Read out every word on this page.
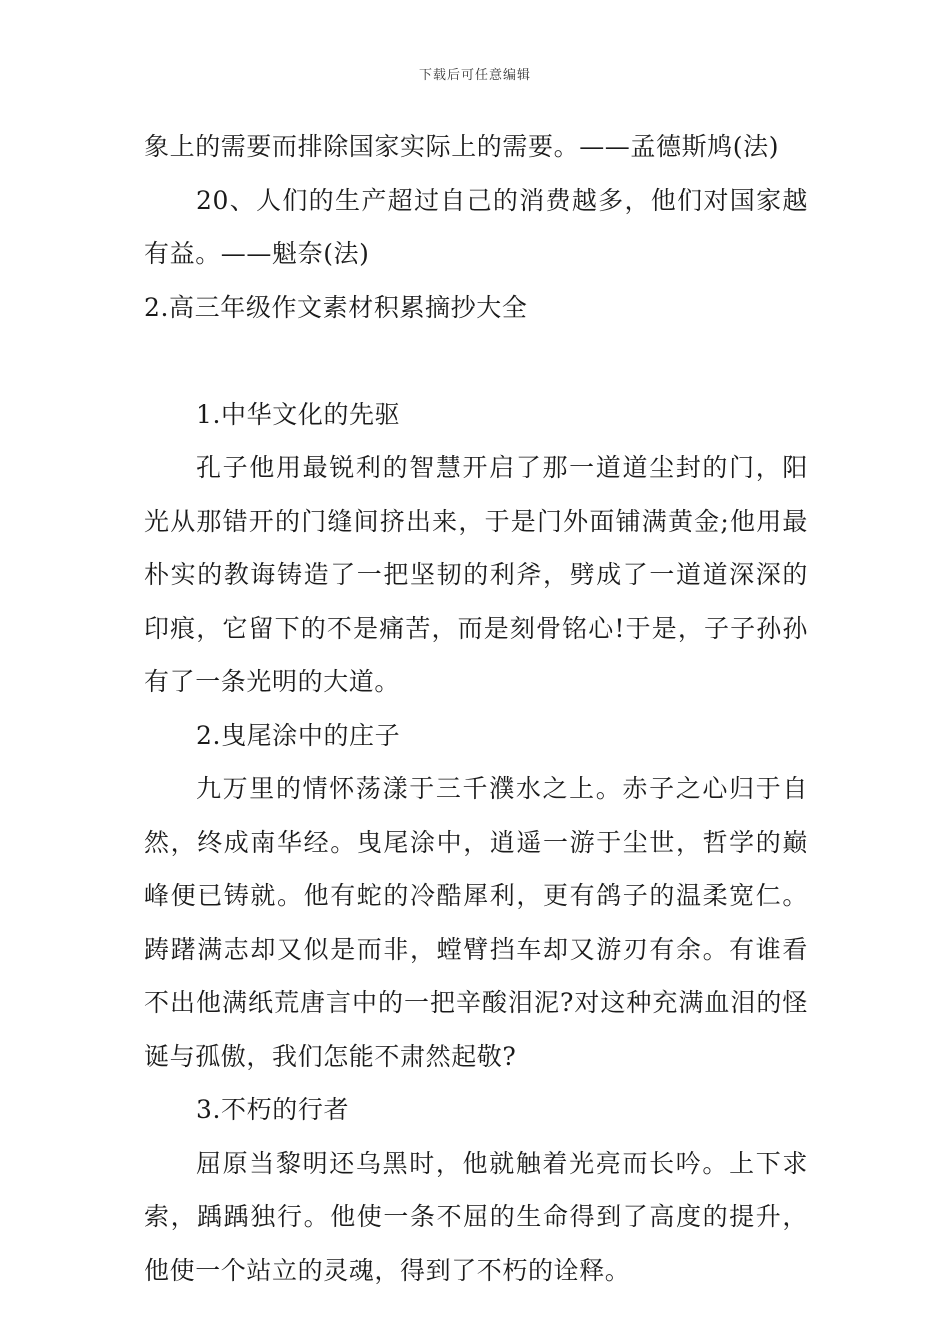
下载后可任意编辑
象上的需要而排除国家实际上的需要。——孟德斯鸠(法)
20、人们的生产超过自己的消费越多，他们对国家越
有益。——魁奈(法)
2.高三年级作文素材积累摘抄大全
1.中华文化的先驱
孔子他用最锐利的智慧开启了那一道道尘封的门，阳
光从那错开的门缝间挤出来，于是门外面铺满黄金;他用最
朴实的教诲铸造了一把坚韧的利斧，劈成了一道道深深的
印痕，它留下的不是痛苦，而是刻骨铭心!于是，子子孙孙
有了一条光明的大道。
2.曳尾涂中的庄子
九万里的情怀荡漾于三千濮水之上。赤子之心归于自
然，终成南华经。曳尾涂中，逍遥一游于尘世，哲学的巅
峰便已铸就。他有蛇的冷酷犀利，更有鸽子的温柔宽仁。
踌躇满志却又似是而非，螳臂挡车却又游刃有余。有谁看
不出他满纸荒唐言中的一把辛酸泪泥?对这种充满血泪的怪
诞与孤傲，我们怎能不肃然起敬?
3.不朽的行者
屈原当黎明还乌黑时，他就触着光亮而长吟。上下求
索，踽踽独行。他使一条不屈的生命得到了高度的提升，
他使一个站立的灵魂，得到了不朽的诠释。
